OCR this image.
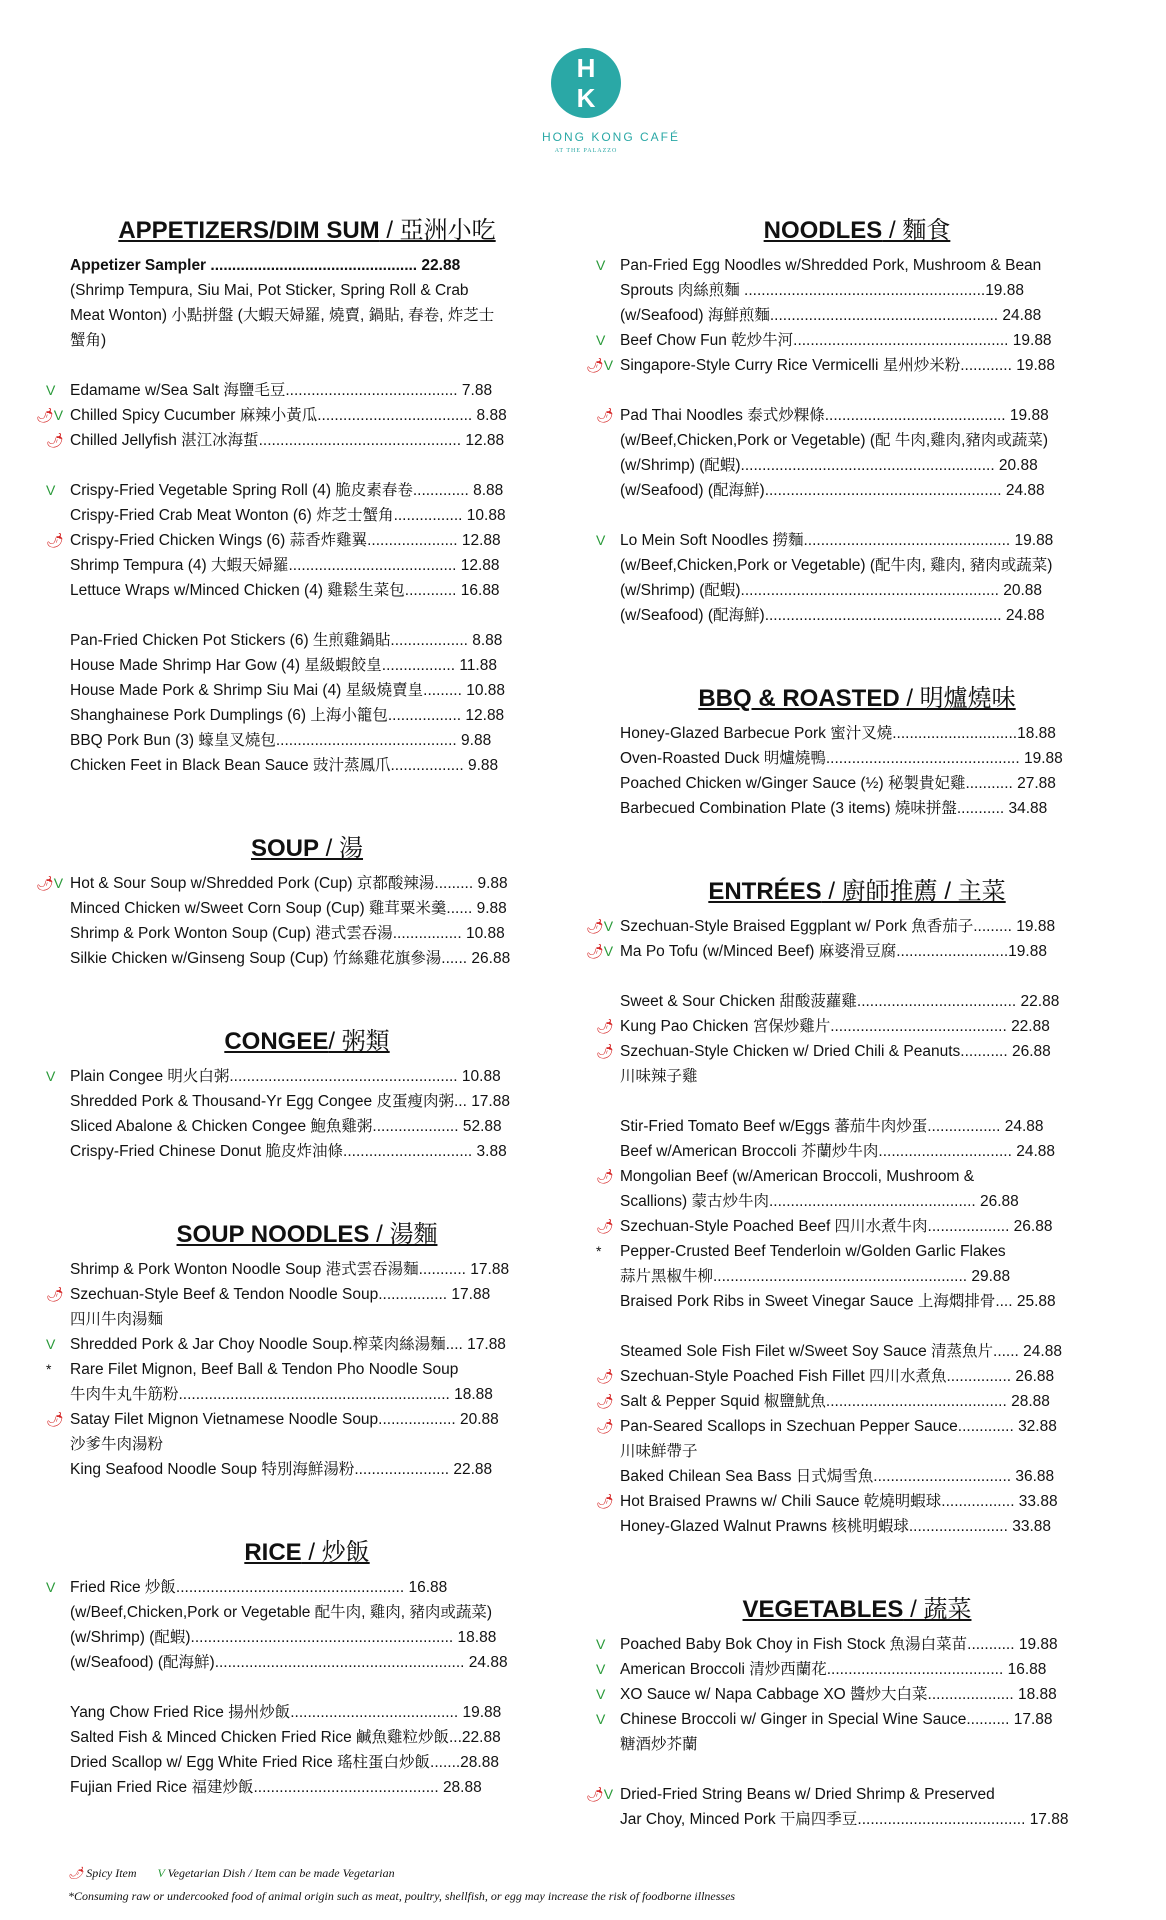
H
K
HONG KONG CAFÉ
AT THE PALAZZO
APPETIZERS/DIM SUM / 亞洲小吃
Appetizer Sampler ................................................ 22.88
(Shrimp Tempura, Siu Mai, Pot Sticker, Spring Roll & Crab
Meat Wonton) 小點拼盤 (大蝦天婦羅, 燒賣, 鍋貼, 春卷, 炸芝士
蟹角)
V Edamame w/Sea Salt 海鹽毛豆........................................ 7.88
🌶V Chilled Spicy Cucumber 麻辣小黃瓜.................................... 8.88
🌶 Chilled Jellyfish 湛江冰海蜇............................................... 12.88
V Crispy-Fried Vegetable Spring Roll (4) 脆皮素春卷............. 8.88
Crispy-Fried Crab Meat Wonton (6) 炸芝士蟹角................ 10.88
🌶 Crispy-Fried Chicken Wings (6) 蒜香炸雞翼..................... 12.88
Shrimp Tempura (4) 大蝦天婦羅....................................... 12.88
Lettuce Wraps w/Minced Chicken (4) 雞鬆生菜包............ 16.88
Pan-Fried Chicken Pot Stickers (6) 生煎雞鍋貼.................. 8.88
House Made Shrimp Har Gow (4) 星級蝦餃皇................. 11.88
House Made Pork & Shrimp Siu Mai (4) 星級燒賣皇......... 10.88
Shanghainese Pork Dumplings (6) 上海小籠包................. 12.88
BBQ Pork Bun (3) 蠔皇叉燒包.......................................... 9.88
Chicken Feet in Black Bean Sauce 豉汁蒸鳳爪................. 9.88
SOUP / 湯
🌶V Hot & Sour Soup w/Shredded Pork (Cup) 京都酸辣湯......... 9.88
Minced Chicken w/Sweet Corn Soup (Cup) 雞茸粟米羹...... 9.88
Shrimp & Pork Wonton Soup (Cup) 港式雲吞湯................ 10.88
Silkie Chicken w/Ginseng Soup (Cup) 竹絲雞花旗參湯...... 26.88
CONGEE/ 粥類
V Plain Congee 明火白粥..................................................... 10.88
Shredded Pork & Thousand-Yr Egg Congee 皮蛋瘦肉粥... 17.88
Sliced Abalone & Chicken Congee 鮑魚雞粥.................... 52.88
Crispy-Fried Chinese Donut 脆皮炸油條.............................. 3.88
SOUP NOODLES / 湯麵
Shrimp & Pork Wonton Noodle Soup 港式雲吞湯麵........... 17.88
🌶 Szechuan-Style Beef & Tendon Noodle Soup................ 17.88
四川牛肉湯麵
V Shredded Pork & Jar Choy Noodle Soup.榨菜肉絲湯麵.... 17.88
* Rare Filet Mignon, Beef Ball & Tendon Pho Noodle Soup
牛肉牛丸牛筋粉............................................................... 18.88
🌶 Satay Filet Mignon Vietnamese Noodle Soup.................. 20.88
沙爹牛肉湯粉
King Seafood Noodle Soup 特別海鮮湯粉...................... 22.88
RICE / 炒飯
V Fried Rice 炒飯..................................................... 16.88
(w/Beef,Chicken,Pork or Vegetable 配牛肉, 雞肉, 豬肉或蔬菜)
(w/Shrimp) (配蝦)............................................................. 18.88
(w/Seafood) (配海鮮).......................................................... 24.88
Yang Chow Fried Rice 揚州炒飯....................................... 19.88
Salted Fish & Minced Chicken Fried Rice 鹹魚雞粒炒飯...22.88
Dried Scallop w/ Egg White Fried Rice 瑤柱蛋白炒飯.......28.88
Fujian Fried Rice 福建炒飯........................................... 28.88
NOODLES / 麵食
V Pan-Fried Egg Noodles w/Shredded Pork, Mushroom & Bean
Sprouts 肉絲煎麵 ........................................................19.88
(w/Seafood) 海鮮煎麵..................................................... 24.88
V Beef Chow Fun 乾炒牛河.................................................. 19.88
🌶V Singapore-Style Curry Rice Vermicelli 星州炒米粉............ 19.88
🌶 Pad Thai Noodles 泰式炒粿條.......................................... 19.88
(w/Beef,Chicken,Pork or Vegetable) (配 牛肉,雞肉,豬肉或蔬菜)
(w/Shrimp) (配蝦)........................................................... 20.88
(w/Seafood) (配海鮮)....................................................... 24.88
V Lo Mein Soft Noodles 撈麵................................................ 19.88
(w/Beef,Chicken,Pork or Vegetable) (配牛肉, 雞肉, 豬肉或蔬菜)
(w/Shrimp) (配蝦)............................................................ 20.88
(w/Seafood) (配海鮮)....................................................... 24.88
BBQ & ROASTED / 明爐燒味
Honey-Glazed Barbecue Pork 蜜汁叉燒.............................18.88
Oven-Roasted Duck 明爐燒鴨............................................. 19.88
Poached Chicken w/Ginger Sauce (½) 秘製貴妃雞........... 27.88
Barbecued Combination Plate (3 items) 燒味拼盤........... 34.88
ENTRÉES / 廚師推薦 / 主菜
🌶V Szechuan-Style Braised Eggplant w/ Pork 魚香茄子......... 19.88
🌶V Ma Po Tofu (w/Minced Beef) 麻婆滑豆腐..........................19.88
Sweet & Sour Chicken 甜酸菠蘿雞..................................... 22.88
🌶 Kung Pao Chicken 宮保炒雞片......................................... 22.88
🌶 Szechuan-Style Chicken w/ Dried Chili & Peanuts........... 26.88
川味辣子雞
Stir-Fried Tomato Beef w/Eggs 蕃茄牛肉炒蛋................. 24.88
Beef w/American Broccoli 芥蘭炒牛肉............................... 24.88
🌶 Mongolian Beef (w/American Broccoli, Mushroom &
Scallions) 蒙古炒牛肉................................................ 26.88
🌶 Szechuan-Style Poached Beef 四川水煮牛肉................... 26.88
* Pepper-Crusted Beef Tenderloin w/Golden Garlic Flakes
蒜片黑椒牛柳........................................................... 29.88
Braised Pork Ribs in Sweet Vinegar Sauce 上海燜排骨.... 25.88
Steamed Sole Fish Filet w/Sweet Soy Sauce 清蒸魚片...... 24.88
🌶 Szechuan-Style Poached Fish Fillet 四川水煮魚............... 26.88
🌶 Salt & Pepper Squid 椒鹽魷魚.......................................... 28.88
🌶 Pan-Seared Scallops in Szechuan Pepper Sauce............. 32.88
川味鮮帶子
Baked Chilean Sea Bass 日式焗雪魚................................ 36.88
🌶 Hot Braised Prawns w/ Chili Sauce 乾燒明蝦球................. 33.88
Honey-Glazed Walnut Prawns 核桃明蝦球....................... 33.88
VEGETABLES / 蔬菜
V Poached Baby Bok Choy in Fish Stock 魚湯白菜苗........... 19.88
V American Broccoli 清炒西蘭花......................................... 16.88
V XO Sauce w/ Napa Cabbage XO 醬炒大白菜.................... 18.88
V Chinese Broccoli w/ Ginger in Special Wine Sauce.......... 17.88
糖酒炒芥蘭
🌶V Dried-Fried String Beans w/ Dried Shrimp & Preserved
Jar Choy, Minced Pork 干扁四季豆....................................... 17.88
🌶 Spicy Item V Vegetarian Dish / Item can be made Vegetarian
*Consuming raw or undercooked food of animal origin such as meat, poultry, shellfish, or egg may increase the risk of foodborne illnesses
